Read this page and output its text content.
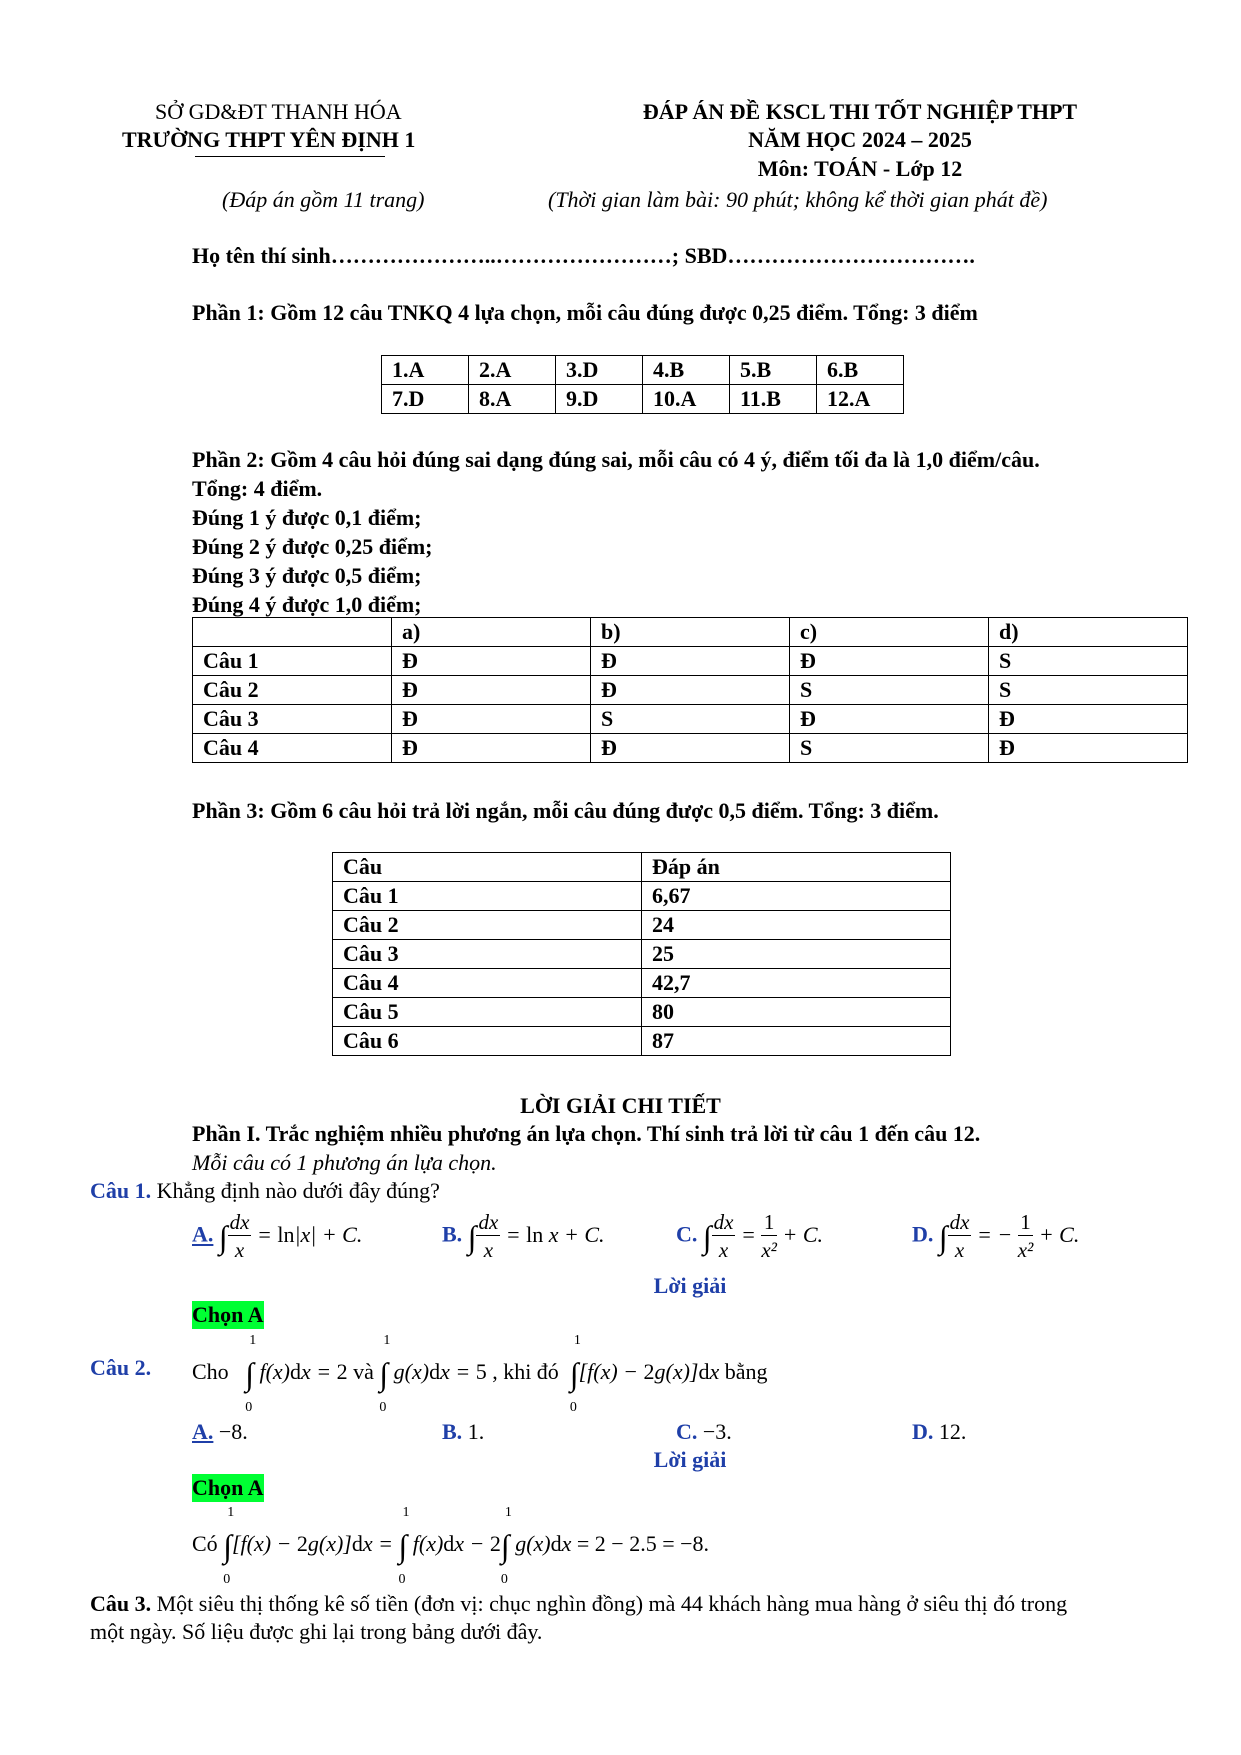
SỞ GD&ĐT THANH HÓA
TRƯỜNG THPT YÊN ĐỊNH 1
(Đáp án gồm 11 trang)
ĐÁP ÁN ĐỀ KSCL THI TỐT NGHIỆP THPT
NĂM HỌC 2024 – 2025
Môn: TOÁN - Lớp 12
(Thời gian làm bài: 90 phút; không kể thời gian phát đề)
Họ tên thí sinh…………………..……………………; SBD…………………………….
Phần 1: Gồm 12 câu TNKQ 4 lựa chọn, mỗi câu đúng được 0,25 điểm. Tổng: 3 điểm
1.A	2.A	3.D	4.B	5.B	6.B
7.D	8.A	9.D	10.A	11.B	12.A
Phần 2: Gồm 4 câu hỏi đúng sai dạng đúng sai, mỗi câu có 4 ý, điểm tối đa là 1,0 điểm/câu.
Tổng: 4 điểm.
Đúng 1 ý được 0,1 điểm;
Đúng 2 ý được 0,25 điểm;
Đúng 3 ý được 0,5 điểm;
Đúng 4 ý được 1,0 điểm;
	a)	b)	c)	d)
Câu 1	Đ	Đ	Đ	S
Câu 2	Đ	Đ	S	S
Câu 3	Đ	S	Đ	Đ
Câu 4	Đ	Đ	S	Đ
Phần 3: Gồm 6 câu hỏi trả lời ngắn, mỗi câu đúng được 0,5 điểm. Tổng: 3 điểm.
Câu	Đáp án
Câu 1	6,67
Câu 2	24
Câu 3	25
Câu 4	42,7
Câu 5	80
Câu 6	87
LỜI GIẢI CHI TIẾT
Phần I. Trắc nghiệm nhiều phương án lựa chọn. Thí sinh trả lời từ câu 1 đến câu 12.
Mỗi câu có 1 phương án lựa chọn.
Câu 1. Khẳng định nào dưới đây đúng?
A. ∫ $\frac{dx}{x} = \ln|x| + C$.	B. ∫ $\frac{dx}{x} = \ln x + C$.	C. ∫ $\frac{dx}{x} = \frac{1}{\text{x²}} + C$.	D. ∫ $\frac{dx}{x}$ = − $\frac{1}{\text{x²}} + C$.
Lời giải
Chọn A
Câu 2. Cho ∫
1
0
f(x)dx = 2 và ∫
1
0
g(x)dx = 5 , khi đó ∫
1
0
[f(x) − 2g(x)]dx bằng
A. −8.	B. 1.	C. −3.	D. 12.
Lời giải
Chọn A
Có ∫
1
0
[f(x) − 2g(x)]dx = ∫
1
0
f(x)dx − 2∫
1
0
g(x)dx = 2 − 2.5 = −8.
Câu 3. Một siêu thị thống kê số tiền (đơn vị: chục nghìn đồng) mà 44 khách hàng mua hàng ở siêu thị đó trong
một ngày. Số liệu được ghi lại trong bảng dưới đây.
